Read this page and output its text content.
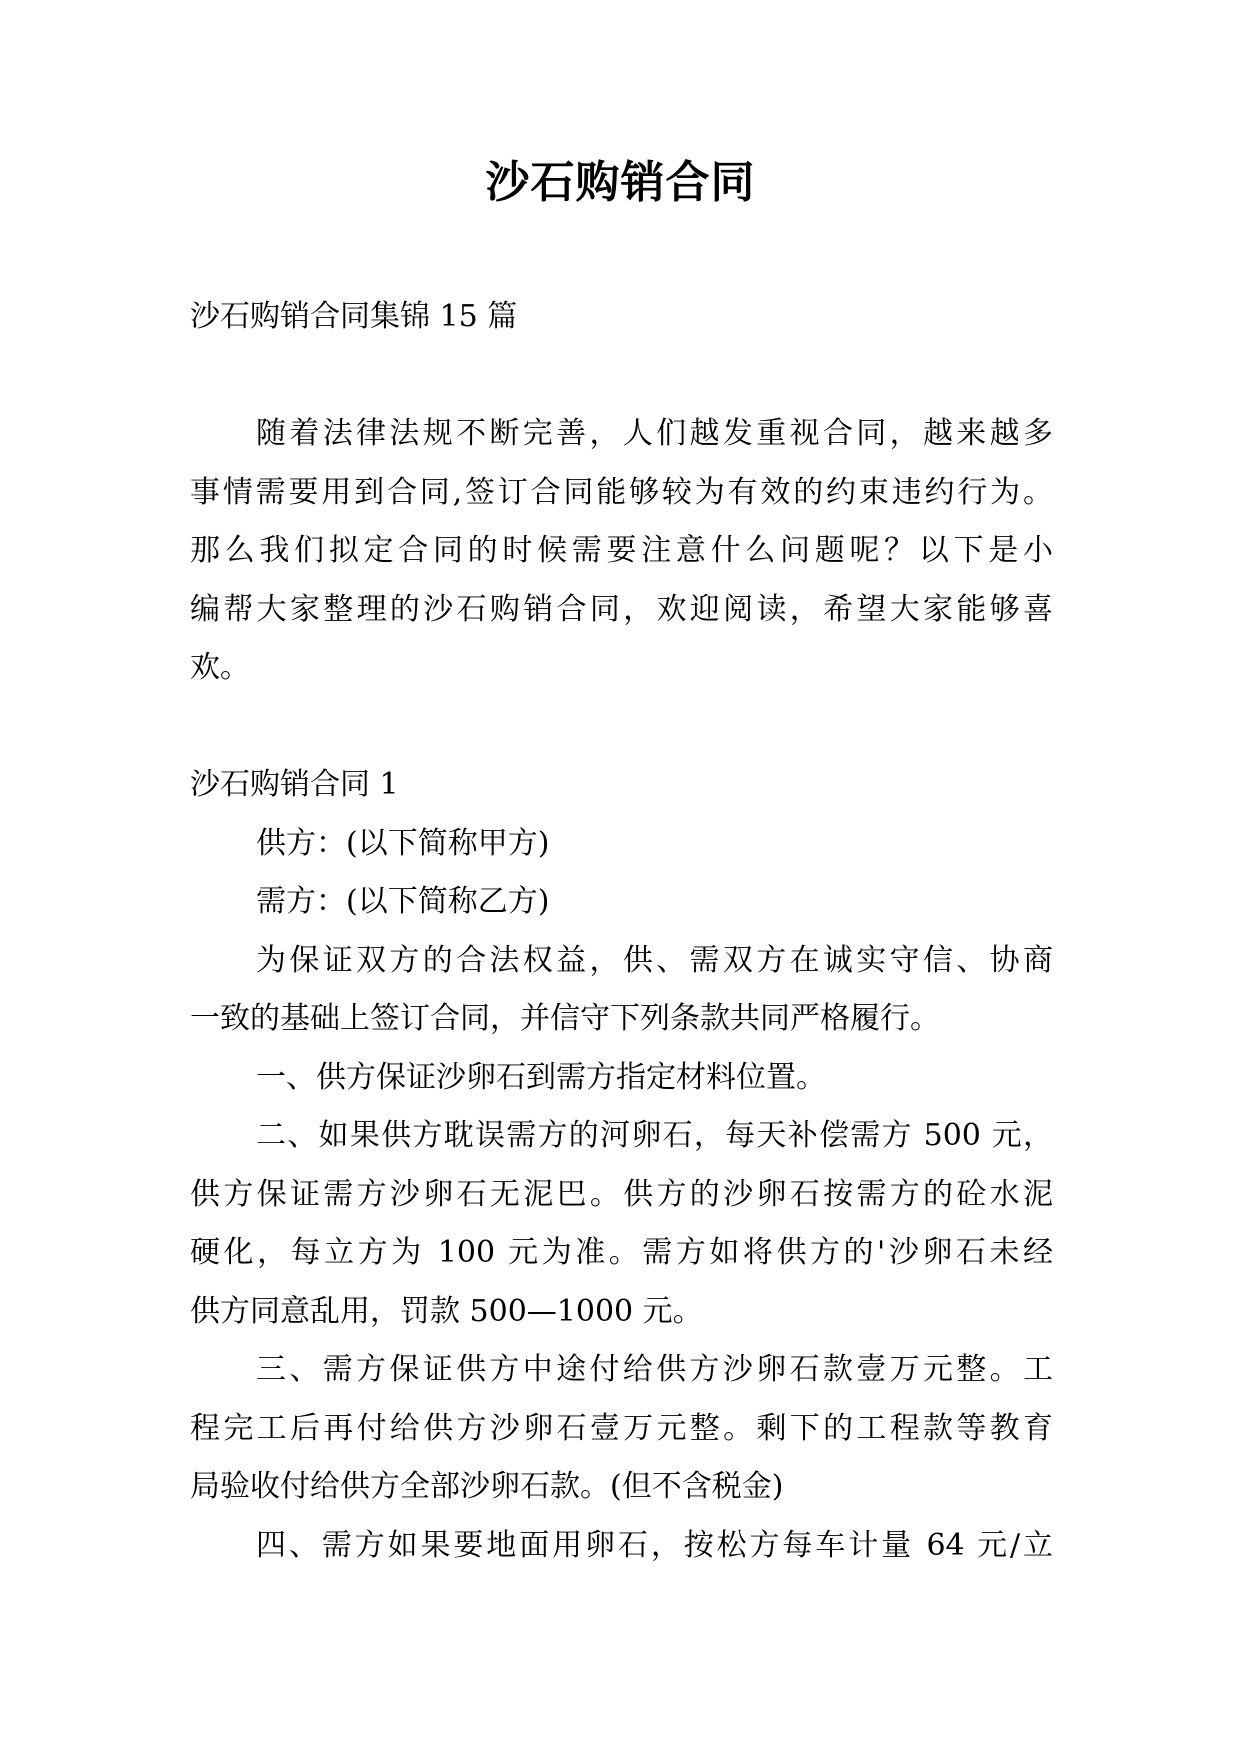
沙石购销合同
沙石购销合同集锦 15 篇
随着法律法规不断完善，人们越发重视合同，越来越多
事情需要用到合同,签订合同能够较为有效的约束违约行为。
那么我们拟定合同的时候需要注意什么问题呢？以下是小
编帮大家整理的沙石购销合同，欢迎阅读，希望大家能够喜
欢。
沙石购销合同 1
供方：(以下简称甲方)
需方：(以下简称乙方)
为保证双方的合法权益，供、需双方在诚实守信、协商
一致的基础上签订合同，并信守下列条款共同严格履行。
一、供方保证沙卵石到需方指定材料位置。
二、如果供方耽误需方的河卵石，每天补偿需方 500 元，
供方保证需方沙卵石无泥巴。供方的沙卵石按需方的砼水泥
硬化，每立方为 100 元为准。需方如将供方的'沙卵石未经
供方同意乱用，罚款 500—1000 元。
三、需方保证供方中途付给供方沙卵石款壹万元整。工
程完工后再付给供方沙卵石壹万元整。剩下的工程款等教育
局验收付给供方全部沙卵石款。(但不含税金)
四、需方如果要地面用卵石，按松方每车计量 64 元/立
